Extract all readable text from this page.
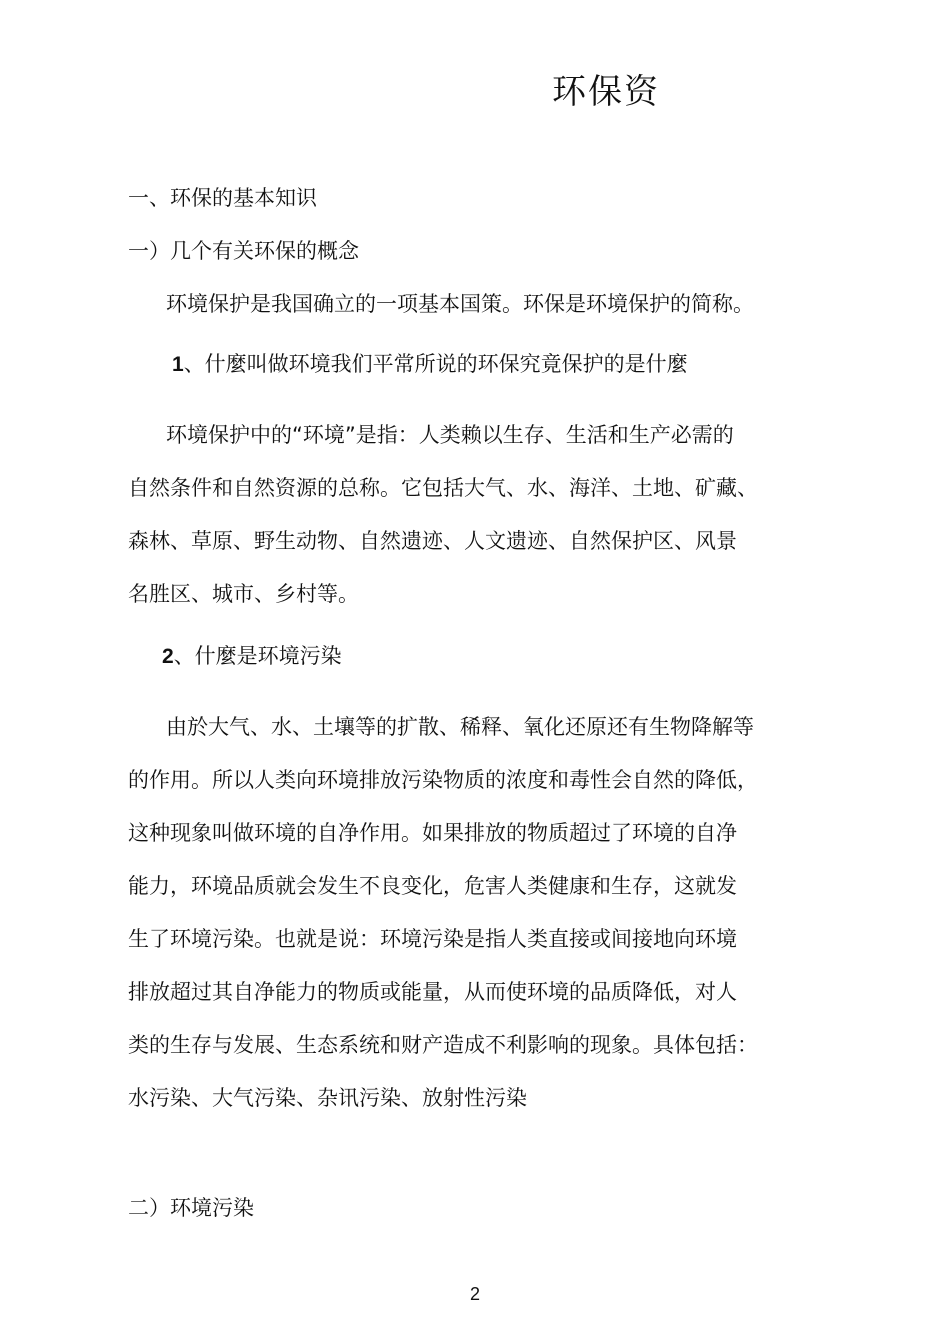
环保资
一、环保的基本知识
一）几个有关环保的概念
环境保护是我国确立的一项基本国策。环保是环境保护的简称。
1、什麼叫做环境我们平常所说的环保究竟保护的是什麼
环境保护中的“环境”是指：人类赖以生存、生活和生产必需的
自然条件和自然资源的总称。它包括大气、水、海洋、土地、矿藏、
森林、草原、野生动物、自然遗迹、人文遗迹、自然保护区、风景
名胜区、城市、乡村等。
2、什麼是环境污染
由於大气、水、土壤等的扩散、稀释、氧化还原还有生物降解等
的作用。所以人类向环境排放污染物质的浓度和毒性会自然的降低，
这种现象叫做环境的自净作用。如果排放的物质超过了环境的自净
能力，环境品质就会发生不良变化，危害人类健康和生存，这就发
生了环境污染。也就是说：环境污染是指人类直接或间接地向环境
排放超过其自净能力的物质或能量，从而使环境的品质降低，对人
类的生存与发展、生态系统和财产造成不利影响的现象。具体包括：
水污染、大气污染、杂讯污染、放射性污染
二）环境污染
2
